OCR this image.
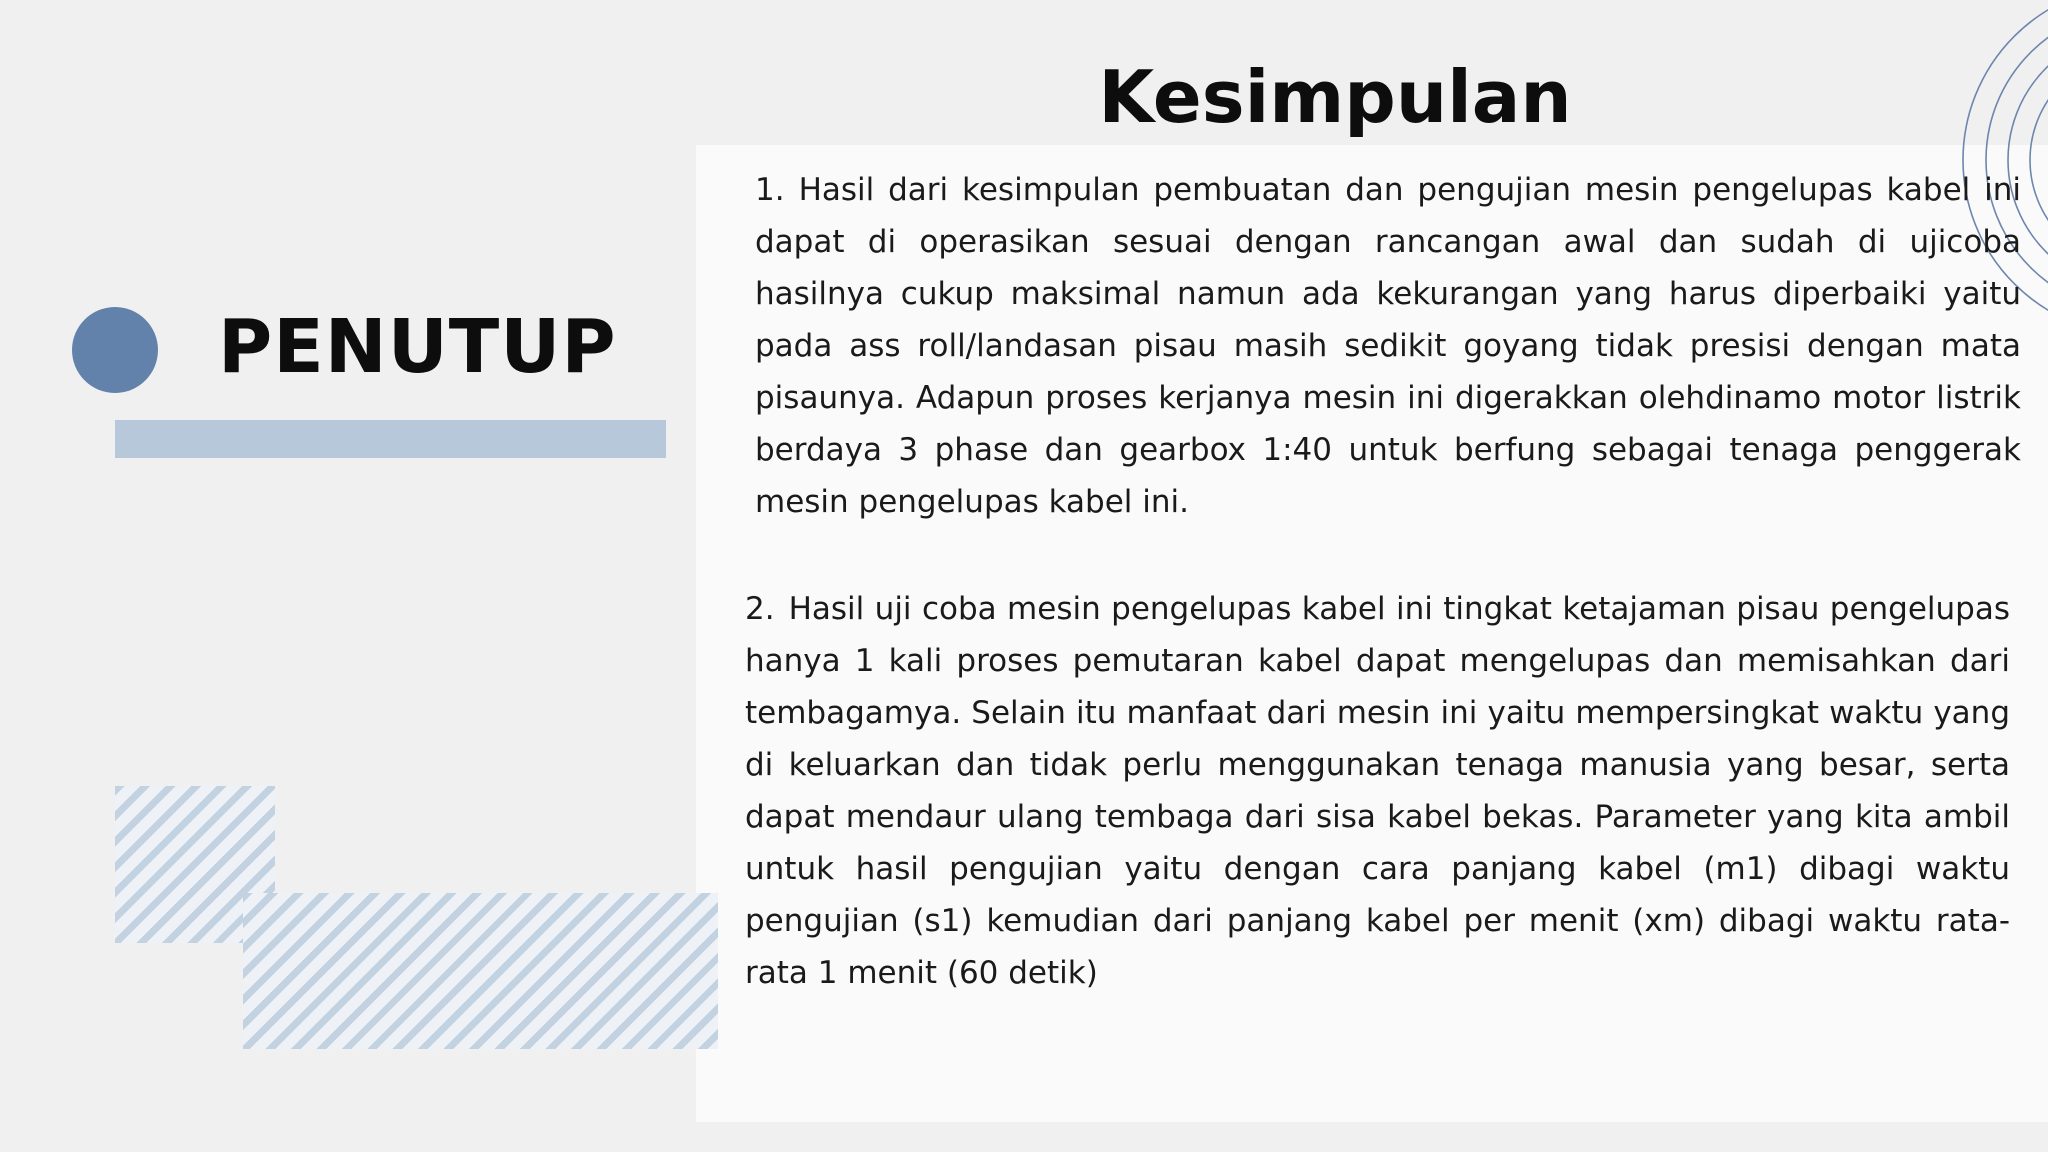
Kesimpulan
PENUTUP

1. Hasil dari kesimpulan pembuatan dan pengujian mesin pengelupas kabel ini dapat di operasikan sesuai dengan rancangan awal dan sudah di ujicoba hasilnya cukup maksimal namun ada kekurangan yang harus diperbaiki yaitu pada ass roll/landasan pisau masih sedikit goyang tidak presisi dengan mata pisaunya. Adapun proses kerjanya mesin ini digerakkan olehdinamo motor listrik berdaya 3 phase dan gearbox 1:40 untuk berfung sebagai tenaga penggerak mesin pengelupas kabel ini.

2. Hasil uji coba mesin pengelupas kabel ini tingkat ketajaman pisau pengelupas hanya 1 kali proses pemutaran kabel dapat mengelupas dan memisahkan dari tembagamya. Selain itu manfaat dari mesin ini yaitu mempersingkat waktu yang di keluarkan dan tidak perlu menggunakan tenaga manusia yang besar, serta dapat mendaur ulang tembaga dari sisa kabel bekas. Parameter yang kita ambil untuk hasil pengujian yaitu dengan cara panjang kabel (m1) dibagi waktu pengujian (s1) kemudian dari panjang kabel per menit (xm) dibagi waktu rata-rata 1 menit (60 detik)
